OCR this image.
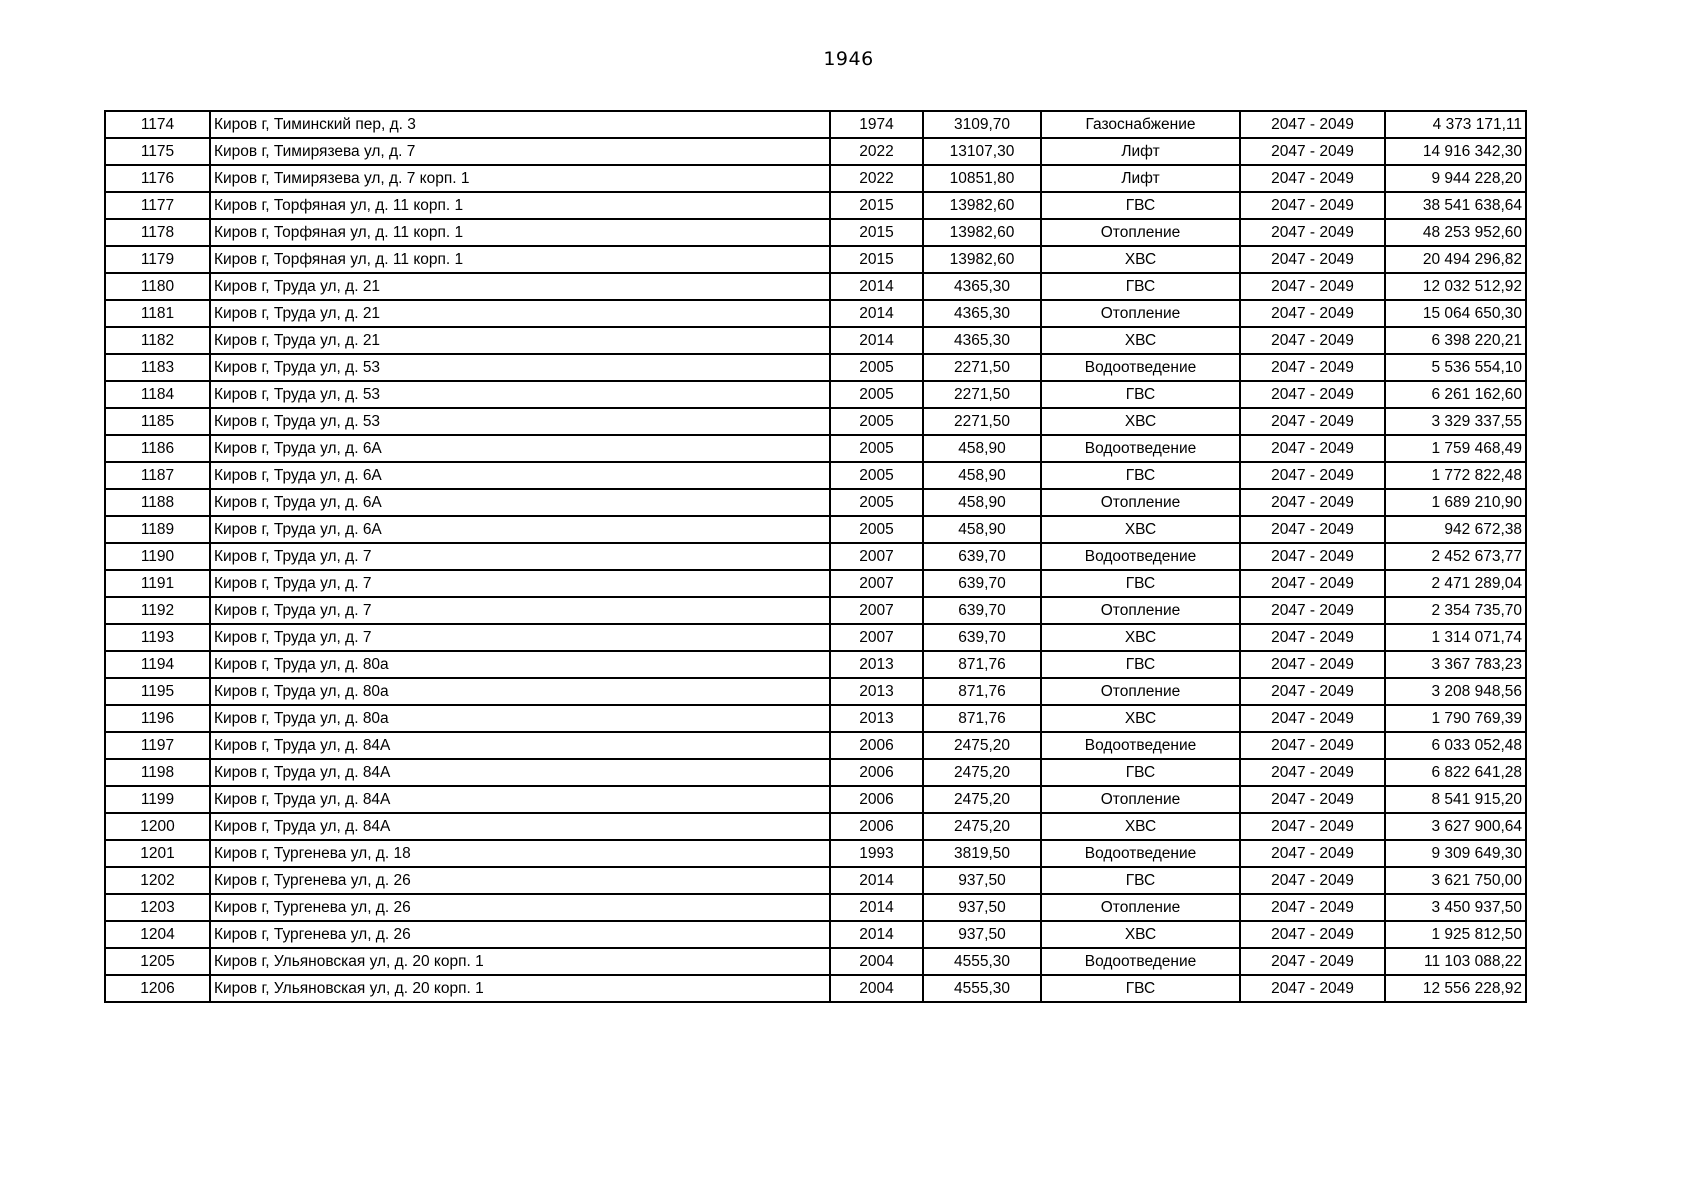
1946
1174	Киров г, Тиминский пер, д. 3	1974	3109,70	Газоснабжение	2047 - 2049	4 373 171,11
1175	Киров г, Тимирязева ул, д. 7	2022	13107,30	Лифт	2047 - 2049	14 916 342,30
1176	Киров г, Тимирязева ул, д. 7 корп. 1	2022	10851,80	Лифт	2047 - 2049	9 944 228,20
1177	Киров г, Торфяная ул, д. 11 корп. 1	2015	13982,60	ГВС	2047 - 2049	38 541 638,64
1178	Киров г, Торфяная ул, д. 11 корп. 1	2015	13982,60	Отопление	2047 - 2049	48 253 952,60
1179	Киров г, Торфяная ул, д. 11 корп. 1	2015	13982,60	ХВС	2047 - 2049	20 494 296,82
1180	Киров г, Труда ул, д. 21	2014	4365,30	ГВС	2047 - 2049	12 032 512,92
1181	Киров г, Труда ул, д. 21	2014	4365,30	Отопление	2047 - 2049	15 064 650,30
1182	Киров г, Труда ул, д. 21	2014	4365,30	ХВС	2047 - 2049	6 398 220,21
1183	Киров г, Труда ул, д. 53	2005	2271,50	Водоотведение	2047 - 2049	5 536 554,10
1184	Киров г, Труда ул, д. 53	2005	2271,50	ГВС	2047 - 2049	6 261 162,60
1185	Киров г, Труда ул, д. 53	2005	2271,50	ХВС	2047 - 2049	3 329 337,55
1186	Киров г, Труда ул, д. 6А	2005	458,90	Водоотведение	2047 - 2049	1 759 468,49
1187	Киров г, Труда ул, д. 6А	2005	458,90	ГВС	2047 - 2049	1 772 822,48
1188	Киров г, Труда ул, д. 6А	2005	458,90	Отопление	2047 - 2049	1 689 210,90
1189	Киров г, Труда ул, д. 6А	2005	458,90	ХВС	2047 - 2049	942 672,38
1190	Киров г, Труда ул, д. 7	2007	639,70	Водоотведение	2047 - 2049	2 452 673,77
1191	Киров г, Труда ул, д. 7	2007	639,70	ГВС	2047 - 2049	2 471 289,04
1192	Киров г, Труда ул, д. 7	2007	639,70	Отопление	2047 - 2049	2 354 735,70
1193	Киров г, Труда ул, д. 7	2007	639,70	ХВС	2047 - 2049	1 314 071,74
1194	Киров г, Труда ул, д. 80а	2013	871,76	ГВС	2047 - 2049	3 367 783,23
1195	Киров г, Труда ул, д. 80а	2013	871,76	Отопление	2047 - 2049	3 208 948,56
1196	Киров г, Труда ул, д. 80а	2013	871,76	ХВС	2047 - 2049	1 790 769,39
1197	Киров г, Труда ул, д. 84А	2006	2475,20	Водоотведение	2047 - 2049	6 033 052,48
1198	Киров г, Труда ул, д. 84А	2006	2475,20	ГВС	2047 - 2049	6 822 641,28
1199	Киров г, Труда ул, д. 84А	2006	2475,20	Отопление	2047 - 2049	8 541 915,20
1200	Киров г, Труда ул, д. 84А	2006	2475,20	ХВС	2047 - 2049	3 627 900,64
1201	Киров г, Тургенева ул, д. 18	1993	3819,50	Водоотведение	2047 - 2049	9 309 649,30
1202	Киров г, Тургенева ул, д. 26	2014	937,50	ГВС	2047 - 2049	3 621 750,00
1203	Киров г, Тургенева ул, д. 26	2014	937,50	Отопление	2047 - 2049	3 450 937,50
1204	Киров г, Тургенева ул, д. 26	2014	937,50	ХВС	2047 - 2049	1 925 812,50
1205	Киров г, Ульяновская ул, д. 20 корп. 1	2004	4555,30	Водоотведение	2047 - 2049	11 103 088,22
1206	Киров г, Ульяновская ул, д. 20 корп. 1	2004	4555,30	ГВС	2047 - 2049	12 556 228,92
